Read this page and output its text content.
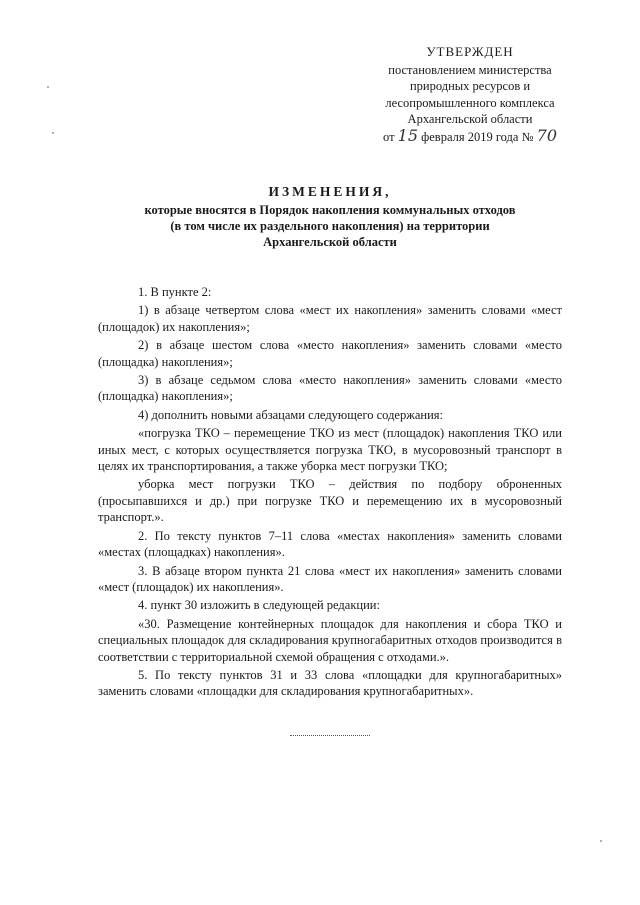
УТВЕРЖДЕН
постановлением министерства
природных ресурсов и
лесопромышленного комплекса
Архангельской области
от 15 февраля 2019 года № 70
ИЗМЕНЕНИЯ,
которые вносятся в Порядок накопления коммунальных отходов
(в том числе их раздельного накопления) на территории
Архангельской области

1. В пункте 2:

1) в абзаце четвертом слова «мест их накопления» заменить словами «мест (площадок) их накопления»;

2) в абзаце шестом слова «место накопления» заменить словами «место (площадка) накопления»;

3) в абзаце седьмом слова «место накопления» заменить словами «место (площадка) накопления»;

4) дополнить новыми абзацами следующего содержания:

«погрузка ТКО – перемещение ТКО из мест (площадок) накопления ТКО или иных мест, с которых осуществляется погрузка ТКО, в мусоровозный транспорт в целях их транспортирования, а также уборка мест погрузки ТКО;

уборка мест погрузки ТКО – действия по подбору оброненных (просыпавшихся и др.) при погрузке ТКО и перемещению их в мусоровозный транспорт.».

2. По тексту пунктов 7–11 слова «местах накопления» заменить словами «местах (площадках) накопления».

3. В абзаце втором пункта 21 слова «мест их накопления» заменить словами «мест (площадок) их накопления».

4. пункт 30 изложить в следующей редакции:

«30. Размещение контейнерных площадок для накопления и сбора ТКО и специальных площадок для складирования крупногабаритных отходов производится в соответствии с территориальной схемой обращения с отходами.».

5. По тексту пунктов 31 и 33 слова «площадки для крупногабаритных» заменить словами «площадки для складирования крупногабаритных».
